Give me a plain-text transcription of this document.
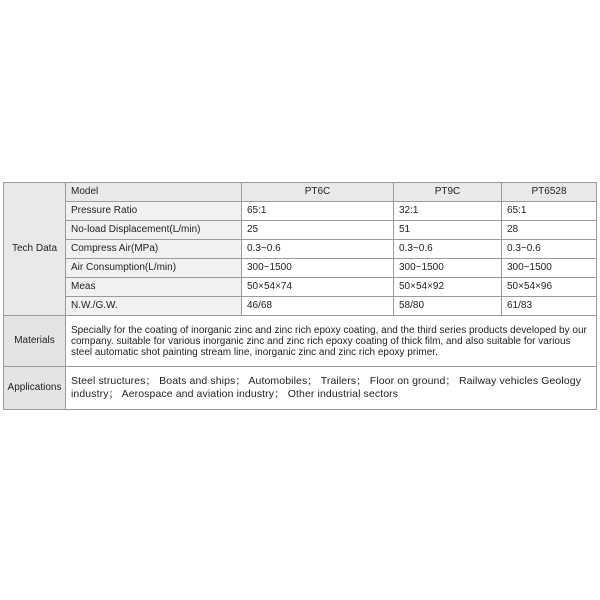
Tech Data	Model	PT6C	PT9C	PT6528
	Pressure Ratio	65:1	32:1	65:1
	No-load Displacement(L/min)	25	51	28
	Compress Air(MPa)	0.3~0.6	0.3~0.6	0.3~0.6
	Air Consumption(L/min)	300~1500	300~1500	300~1500
	Meas	50×54×74	50×54×92	50×54×96
	N.W./G.W.	46/68	58/80	61/83
Materials	Specially for the coating of inorganic zinc and zinc rich epoxy coating, and the third series products developed by our company. suitable for various inorganic zinc and zinc rich epoxy coating of thick film, and also suitable for various steel automatic shot painting stream line, inorganic zinc and zinc rich epoxy primer.			
Applications	Steel structures； Boats and ships； Automobiles； Trailers； Floor on ground； Railway vehicles Geology industry； Aerospace and aviation industry； Other industrial sectors			
